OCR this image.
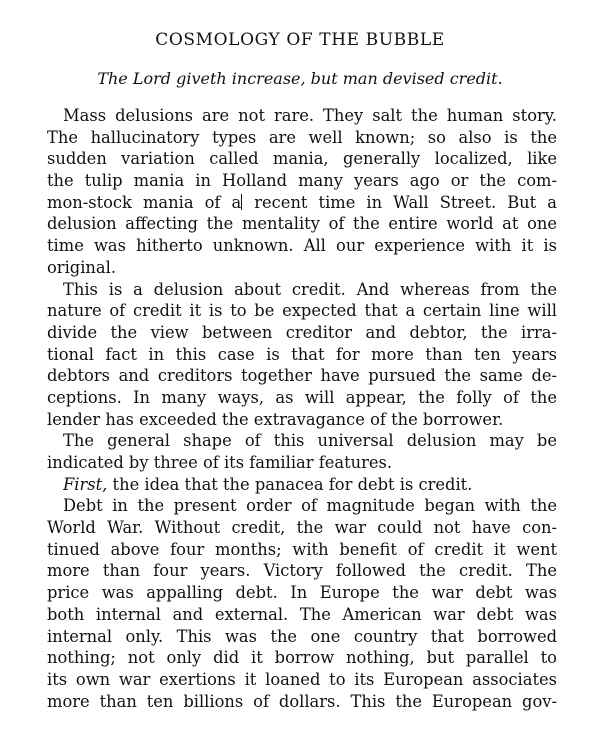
COSMOLOGY OF THE BUBBLE
The Lord giveth increase, but man devised credit.
Mass delusions are not rare. They salt the human story.
The hallucinatory types are well known; so also is the
sudden variation called mania, generally localized, like
the tulip mania in Holland many years ago or the com-
mon-stock mania of a recent time in Wall Street. But a
delusion affecting the mentality of the entire world at one
time was hitherto unknown. All our experience with it is
original.
This is a delusion about credit. And whereas from the
nature of credit it is to be expected that a certain line will
divide the view between creditor and debtor, the irra-
tional fact in this case is that for more than ten years
debtors and creditors together have pursued the same de-
ceptions. In many ways, as will appear, the folly of the
lender has exceeded the extravagance of the borrower.
The general shape of this universal delusion may be
indicated by three of its familiar features.
First, the idea that the panacea for debt is credit.
Debt in the present order of magnitude began with the
World War. Without credit, the war could not have con-
tinued above four months; with benefit of credit it went
more than four years. Victory followed the credit. The
price was appalling debt. In Europe the war debt was
both internal and external. The American war debt was
internal only. This was the one country that borrowed
nothing; not only did it borrow nothing, but parallel to
its own war exertions it loaned to its European associates
more than ten billions of dollars. This the European gov-
